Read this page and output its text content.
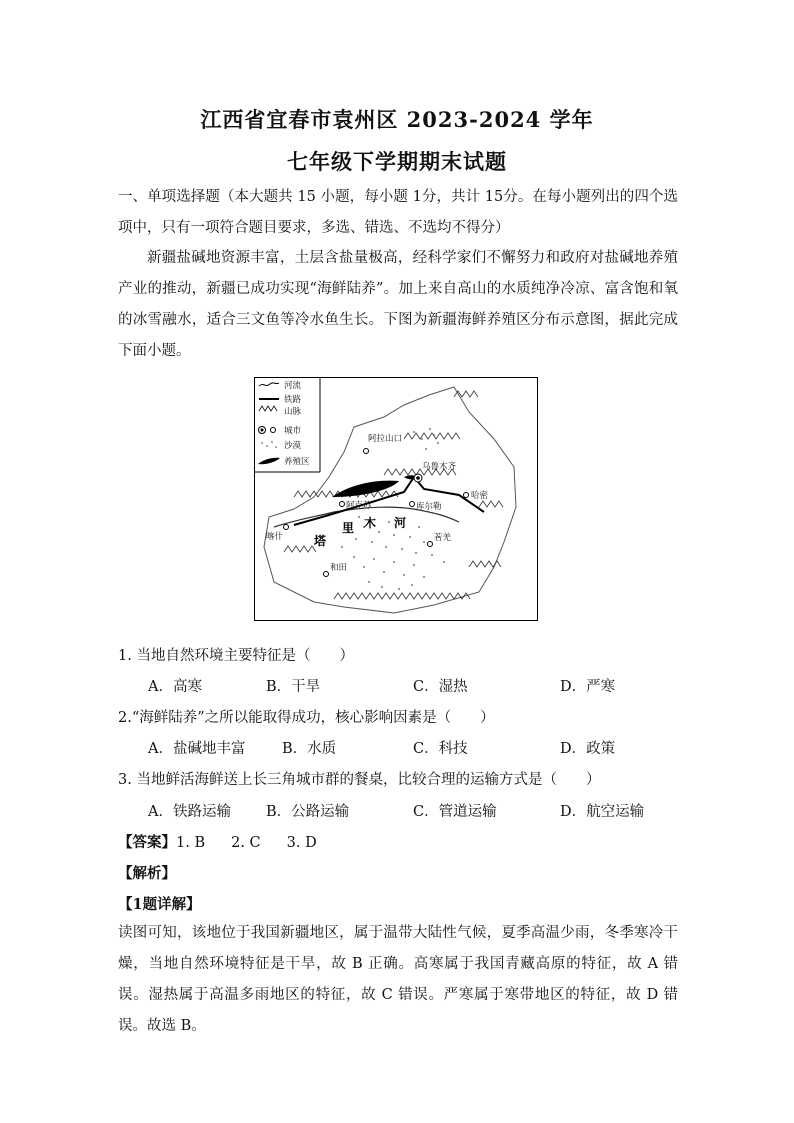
江西省宜春市袁州区 2023-2024 学年
七年级下学期期末试题
一、单项选择题（本大题共 15 小题，每小题 1分，共计 15分。在每小题列出的四个选项中，只有一项符合题目要求，多选、错选、不选均不得分）
新疆盐碱地资源丰富，土层含盐量极高，经科学家们不懈努力和政府对盐碱地养殖产业的推动，新疆已成功实现“海鲜陆养”。加上来自高山的水质纯净冷凉、富含饱和氧的冰雪融水，适合三文鱼等冷水鱼生长。下图为新疆海鲜养殖区分布示意图，据此完成下面小题。
河流
铁路
山脉
城市
沙漠
养殖区
阿拉山口
乌鲁木齐
哈密
库尔勒
阿克苏
喀什
和田
若羌
塔
里 木 河
1. 当地自然环境主要特征是（　　）
A．高寒	B．干旱	C．湿热	D．严寒
2.“海鲜陆养”之所以能取得成功，核心影响因素是（　　）
A．盐碱地丰富	B．水质	C．科技	D．政策
3. 当地鲜活海鲜送上长三角城市群的餐桌，比较合理的运输方式是（　　）
A．铁路运输 B．公路运输	C．管道运输	D．航空运输
【答案】1. B 2. C 3. D
【解析】
【1题详解】
读图可知，该地位于我国新疆地区，属于温带大陆性气候，夏季高温少雨，冬季寒冷干燥，当地自然环境特征是干旱，故 B 正确。高寒属于我国青藏高原的特征，故 A 错误。湿热属于高温多雨地区的特征，故 C 错误。严寒属于寒带地区的特征，故 D 错误。故选 B。
